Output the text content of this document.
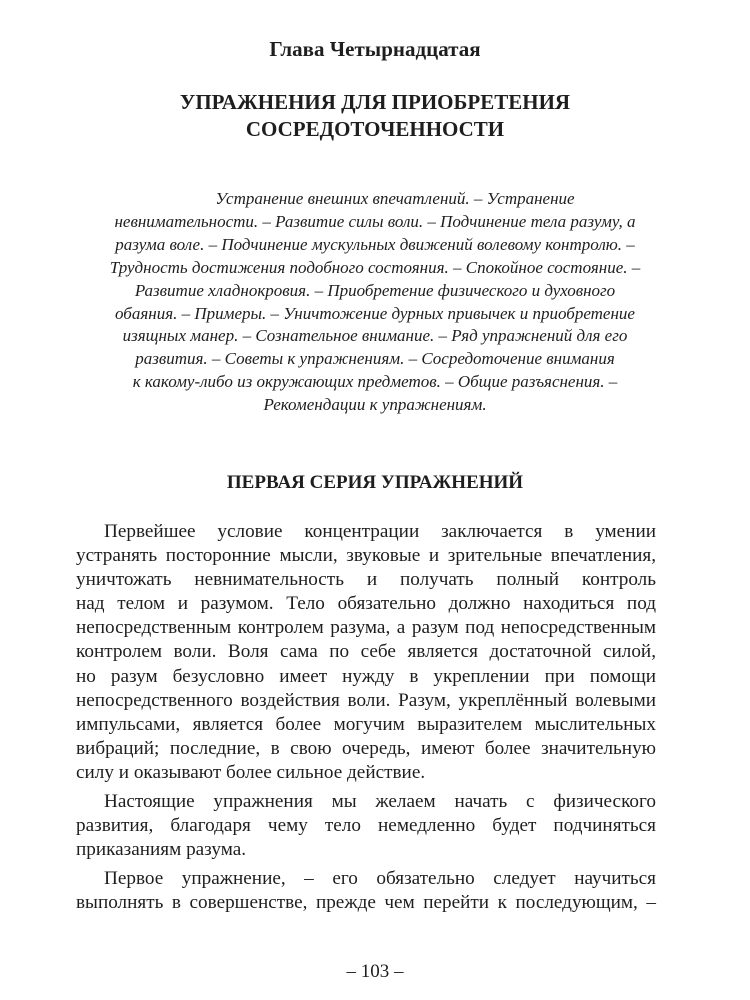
Глава Четырнадцатая
УПРАЖНЕНИЯ ДЛЯ ПРИОБРЕТЕНИЯ
СОСРЕДОТОЧЕННОСТИ

Устранение внешних впечатлений. – Устранение
невнимательности. – Развитие силы воли. – Подчинение тела разуму, а
разума воле. – Подчинение мускульных движений волевому контролю. –
Трудность достижения подобного состояния. – Спокойное состояние. –
Развитие хладнокровия. – Приобретение физического и духовного
обаяния. – Примеры. – Уничтожение дурных привычек и приобретение
изящных манер. – Сознательное внимание. – Ряд упражнений для его
развития. – Советы к упражнениям. – Сосредоточение внимания
к какому-либо из окружающих предметов. – Общие разъяснения. –
Рекомендации к упражнениям.

ПЕРВАЯ СЕРИЯ УПРАЖНЕНИЙ
Первейшее условие концентрации заключается в умении
устранять посторонние мысли, звуковые и зрительные впечатления,
уничтожать невнимательность и получать полный контроль
над телом и разумом. Тело обязательно должно находиться под
непосредственным контролем разума, а разум под непосредственным
контролем воли. Воля сама по себе является достаточной силой,
но разум безусловно имеет нужду в укреплении при помощи
непосредственного воздействия воли. Разум, укреплённый волевыми
импульсами, является более могучим выразителем мыслительных
вибраций; последние, в свою очередь, имеют более значительную
силу и оказывают более сильное действие.
Настоящие упражнения мы желаем начать с физического
развития, благодаря чему тело немедленно будет подчиняться
приказаниям разума.
Первое упражнение, – его обязательно следует научиться
выполнять в совершенстве, прежде чем перейти к последующим, –
– 103 –
